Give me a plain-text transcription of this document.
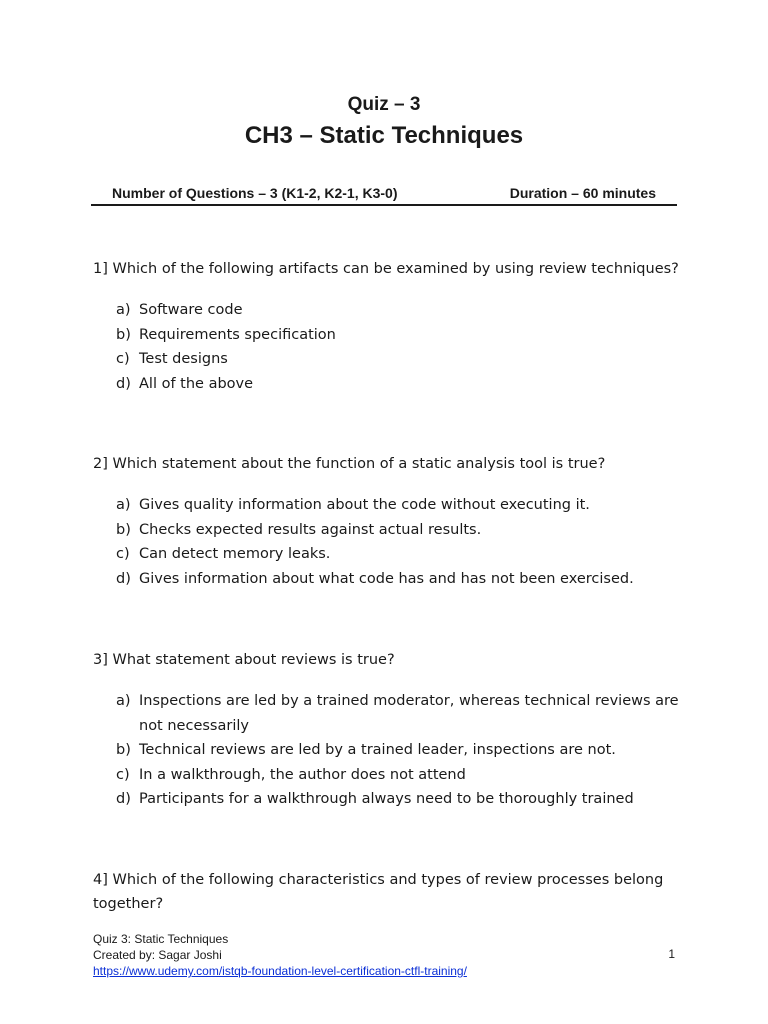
Quiz – 3
CH3 – Static Techniques
Number of Questions – 3 (K1-2, K2-1, K3-0)	Duration – 60 minutes
1] Which of the following artifacts can be examined by using review techniques?
a) Software code
b) Requirements specification
c) Test designs
d) All of the above
2] Which statement about the function of a static analysis tool is true?
a) Gives quality information about the code without executing it.
b) Checks expected results against actual results.
c) Can detect memory leaks.
d) Gives information about what code has and has not been exercised.
3] What statement about reviews is true?
a) Inspections are led by a trained moderator, whereas technical reviews are not necessarily
b) Technical reviews are led by a trained leader, inspections are not.
c) In a walkthrough, the author does not attend
d) Participants for a walkthrough always need to be thoroughly trained
4] Which of the following characteristics and types of review processes belong together?
Quiz 3: Static Techniques
Created by: Sagar Joshi
https://www.udemy.com/istqb-foundation-level-certification-ctfl-training/
1
